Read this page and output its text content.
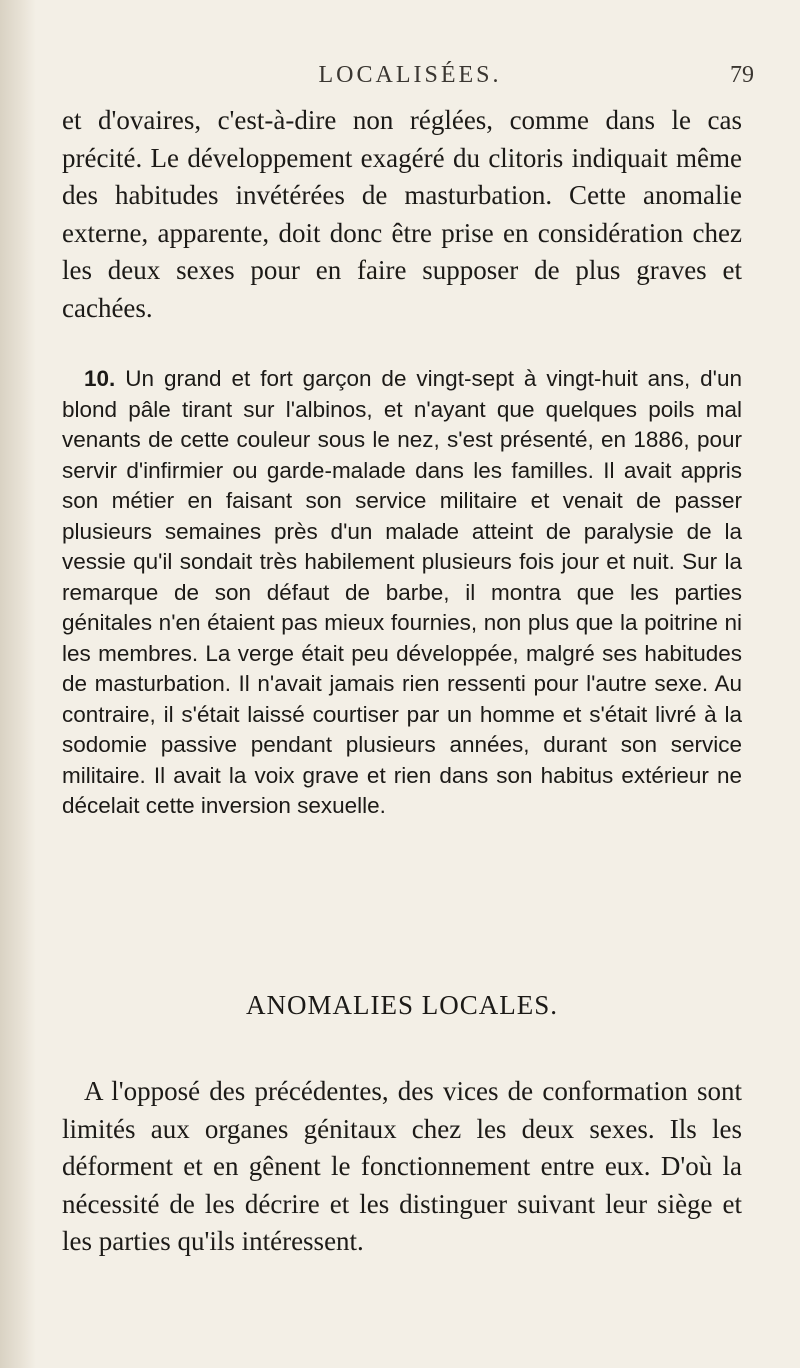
LOCALISÉES.	79

et d'ovaires, c'est-à-dire non réglées, comme dans le cas précité. Le développement exagéré du clitoris indiquait même des habitudes invétérées de masturbation. Cette anomalie externe, apparente, doit donc être prise en considération chez les deux sexes pour en faire supposer de plus graves et cachées.

10. Un grand et fort garçon de vingt-sept à vingt-huit ans, d'un blond pâle tirant sur l'albinos, et n'ayant que quelques poils mal venants de cette couleur sous le nez, s'est présenté, en 1886, pour servir d'infirmier ou garde-malade dans les familles. Il avait appris son métier en faisant son service militaire et venait de passer plusieurs semaines près d'un malade atteint de paralysie de la vessie qu'il sondait très habilement plusieurs fois jour et nuit. Sur la remarque de son défaut de barbe, il montra que les parties génitales n'en étaient pas mieux fournies, non plus que la poitrine ni les membres. La verge était peu développée, malgré ses habitudes de masturbation. Il n'avait jamais rien ressenti pour l'autre sexe. Au contraire, il s'était laissé courtiser par un homme et s'était livré à la sodomie passive pendant plusieurs années, durant son service militaire. Il avait la voix grave et rien dans son habitus extérieur ne décelait cette inversion sexuelle.

ANOMALIES LOCALES.

A l'opposé des précédentes, des vices de conformation sont limités aux organes génitaux chez les deux sexes. Ils les déforment et en gênent le fonctionnement entre eux. D'où la nécessité de les décrire et les distinguer suivant leur siège et les parties qu'ils intéressent.
